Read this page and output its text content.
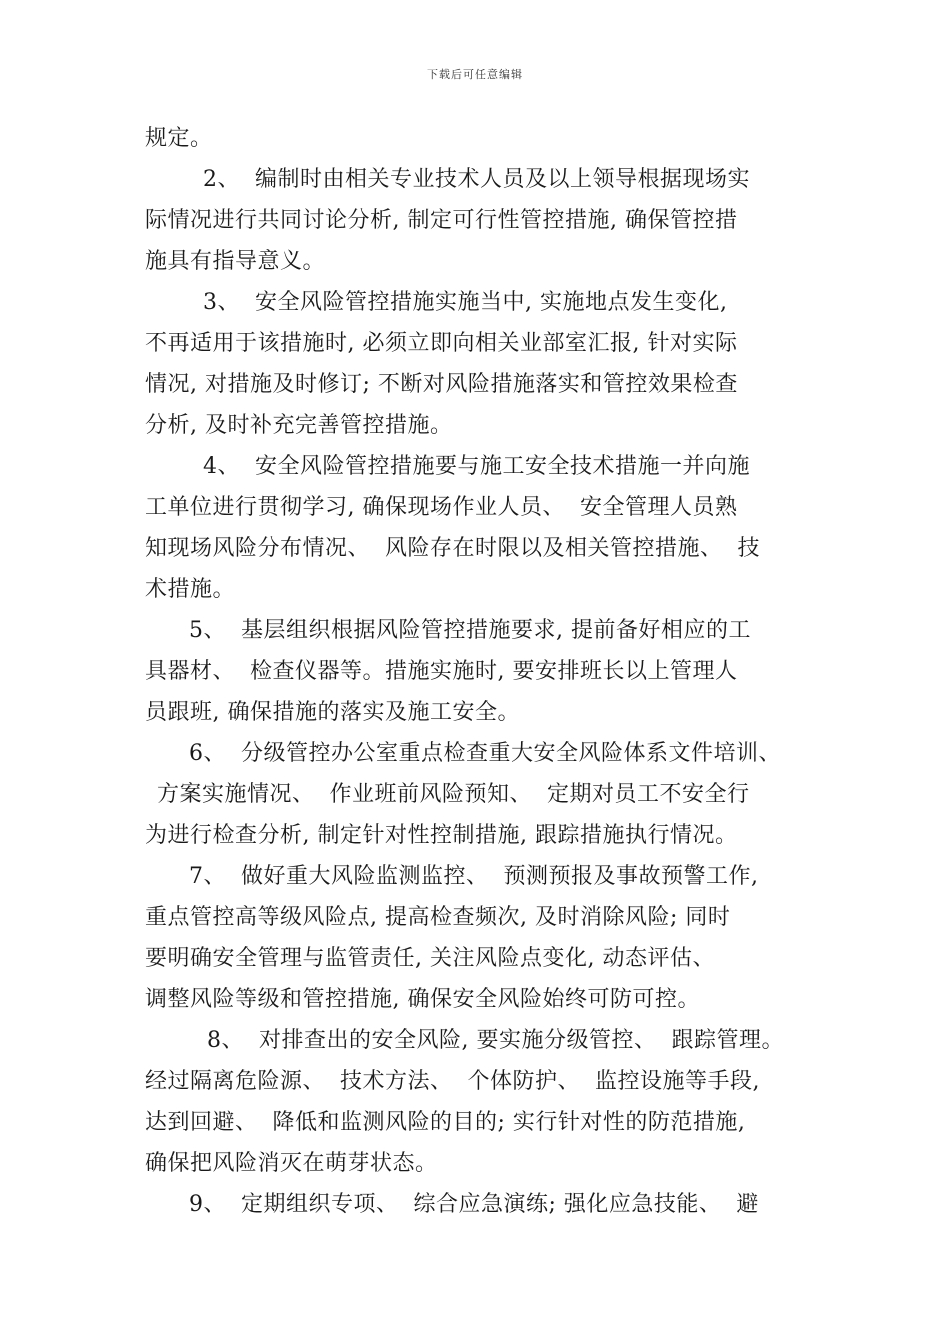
下载后可任意编辑
规定。
2、  编制时由相关专业技术人员及以上领导根据现场实
际情况进行共同讨论分析, 制定可行性管控措施, 确保管控措
施具有指导意义。
3、  安全风险管控措施实施当中, 实施地点发生变化,
不再适用于该措施时, 必须立即向相关业部室汇报, 针对实际
情况, 对措施及时修订; 不断对风险措施落实和管控效果检查
分析, 及时补充完善管控措施。
4、  安全风险管控措施要与施工安全技术措施一并向施
工单位进行贯彻学习, 确保现场作业人员、  安全管理人员熟
知现场风险分布情况、  风险存在时限以及相关管控措施、  技
术措施。
5、  基层组织根据风险管控措施要求, 提前备好相应的工
具器材、  检查仪器等。措施实施时, 要安排班长以上管理人
员跟班, 确保措施的落实及施工安全。
6、  分级管控办公室重点检查重大安全风险体系文件培训、
方案实施情况、  作业班前风险预知、  定期对员工不安全行
为进行检查分析, 制定针对性控制措施, 跟踪措施执行情况。
7、  做好重大风险监测监控、  预测预报及事故预警工作,
重点管控高等级风险点, 提高检查频次, 及时消除风险; 同时
要明确安全管理与监管责任, 关注风险点变化, 动态评估、
调整风险等级和管控措施, 确保安全风险始终可防可控。
8、  对排查出的安全风险, 要实施分级管控、  跟踪管理。
经过隔离危险源、  技术方法、  个体防护、  监控设施等手段,
达到回避、  降低和监测风险的目的; 实行针对性的防范措施,
确保把风险消灭在萌芽状态。
9、  定期组织专项、  综合应急演练; 强化应急技能、  避
